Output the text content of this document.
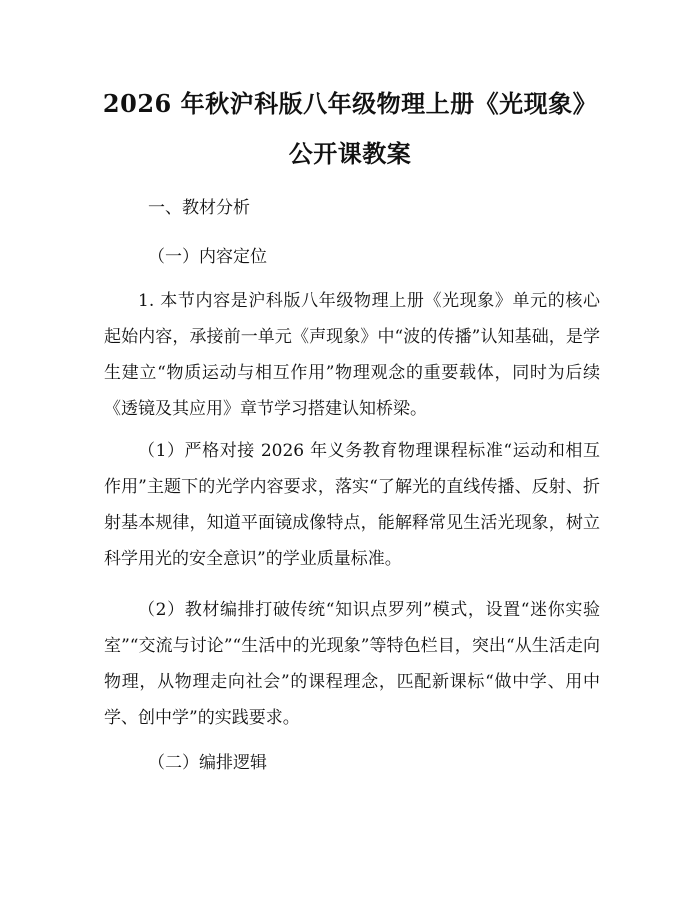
2026 年秋沪科版八年级物理上册《光现象》
公开课教案
一、教材分析
（一）内容定位
1. 本节内容是沪科版八年级物理上册《光现象》单元的核心起始内容，承接前一单元《声现象》中“波的传播”认知基础，是学生建立“物质运动与相互作用”物理观念的重要载体，同时为后续《透镜及其应用》章节学习搭建认知桥梁。
（1）严格对接 2026 年义务教育物理课程标准“运动和相互作用”主题下的光学内容要求，落实“了解光的直线传播、反射、折射基本规律，知道平面镜成像特点，能解释常见生活光现象，树立科学用光的安全意识”的学业质量标准。
（2）教材编排打破传统“知识点罗列”模式，设置“迷你实验室”“交流与讨论”“生活中的光现象”等特色栏目，突出“从生活走向物理，从物理走向社会”的课程理念，匹配新课标“做中学、用中学、创中学”的实践要求。
（二）编排逻辑
